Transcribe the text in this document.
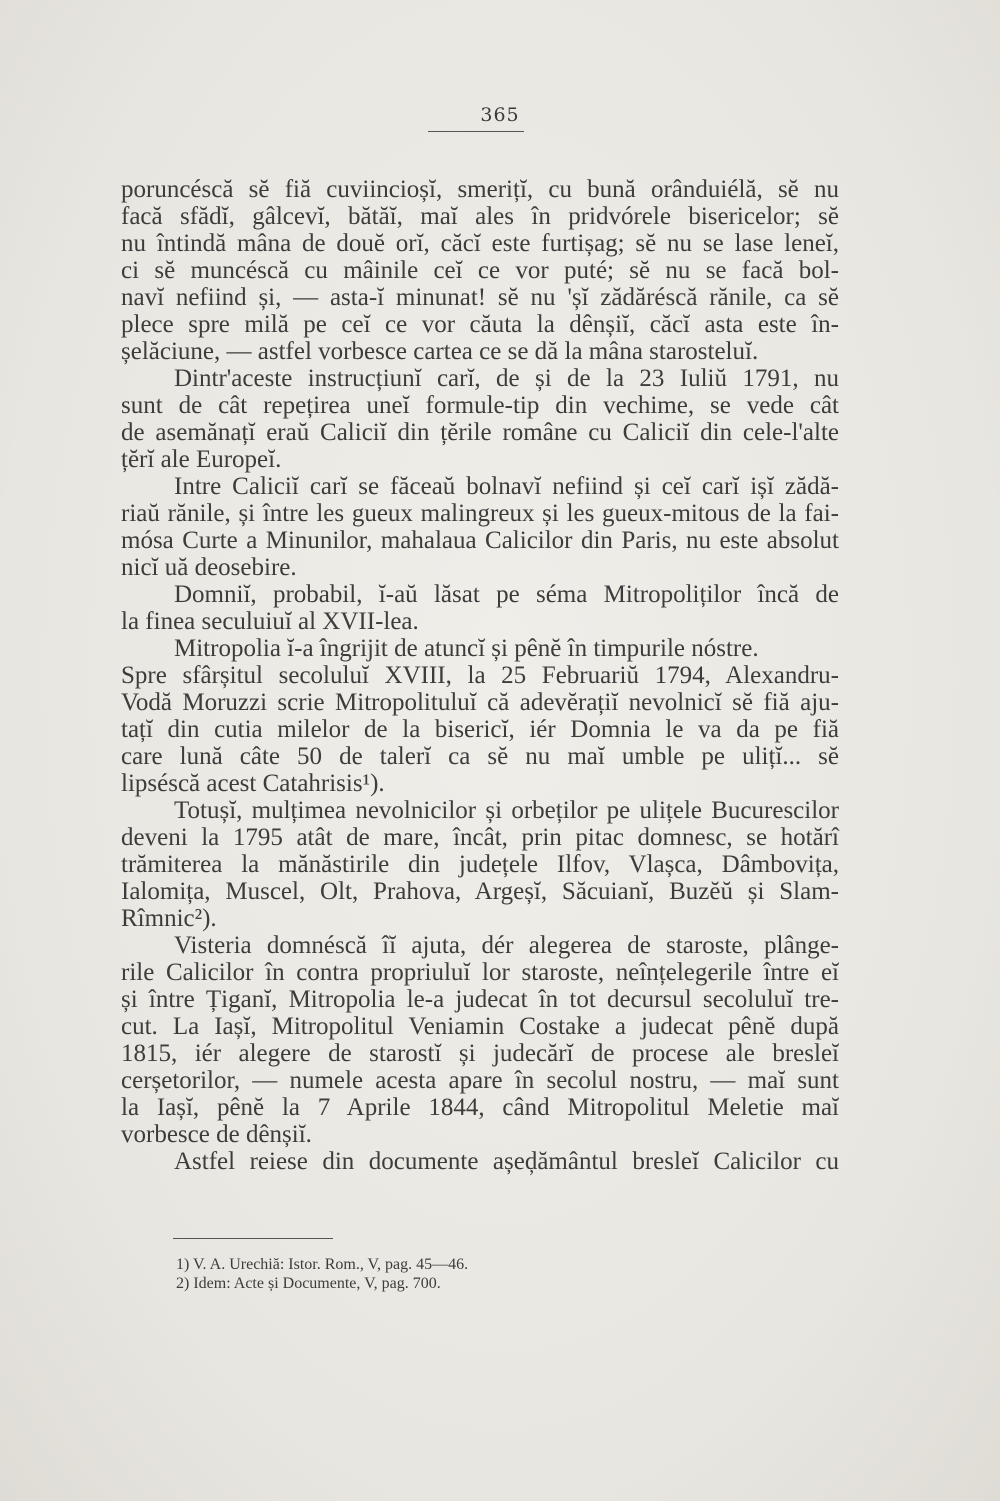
365
poruncéscă sĕ fiă cuviincioșĭ, smerițĭ, cu bună orânduiélă, sĕ nu
facă sfădĭ, gâlcevĭ, bătăĭ, maĭ ales în pridvórele bisericelor; sĕ
nu întindă mâna de douĕ orĭ, căcĭ este furtișag; sĕ nu se lase leneĭ,
ci sĕ muncéscă cu mâinile ceĭ ce vor puté; sĕ nu se facă bol-
navĭ nefiind și, — asta-ĭ minunat! sĕ nu 'șĭ zădăréscă rănile, ca sĕ
plece spre milă pe ceĭ ce vor căuta la dênșiĭ, căcĭ asta este în-
șelăciune, — astfel vorbesce cartea ce se dă la mâna starosteluĭ.
Dintr'aceste instrucțiunĭ carĭ, de și de la 23 Iuliŭ 1791, nu
sunt de cât repețirea uneĭ formule-tip din vechime, se vede cât
de asemănațĭ eraŭ Caliciĭ din țĕrile române cu Caliciĭ din cele-l'alte
țĕrĭ ale Europeĭ.
Intre Caliciĭ carĭ se făceaŭ bolnavĭ nefiind și ceĭ carĭ ișĭ zădă-
riaŭ rănile, și între les gueux malingreux și les gueux-mitous de la fai-
mósa Curte a Minunilor, mahalaua Calicilor din Paris, nu este absolut
nicĭ uă deosebire.
Domniĭ, probabil, ĭ-aŭ lăsat pe séma Mitropoliților încă de
la finea seculuiuĭ al XVII-lea.
Mitropolia ĭ-a îngrijit de atuncĭ și pênĕ în timpurile nóstre.
Spre sfârșitul secoluluĭ XVIII, la 25 Februariŭ 1794, Alexandru-
Vodă Moruzzi scrie Mitropolituluĭ că adevĕrațiĭ nevolnicĭ sĕ fiă aju-
tațĭ din cutia milelor de la bisericĭ, iér Domnia le va da pe fiă
care lună câte 50 de talerĭ ca sĕ nu maĭ umble pe ulițĭ... sĕ
lipséscă acest Catahrisis¹).
Totușĭ, mulțimea nevolnicilor și orbeților pe ulițele Bucurescilor
deveni la 1795 atât de mare, încât, prin pitac domnesc, se hotărî
trămiterea la mănăstirile din județele Ilfov, Vlașca, Dâmbovița,
Ialomița, Muscel, Olt, Prahova, Argeșĭ, Săcuianĭ, Buzĕŭ și Slam-
Rîmnic²).
Visteria domnéscă îĭ ajuta, dér alegerea de staroste, plânge-
rile Calicilor în contra propriuluĭ lor staroste, neînțelegerile între eĭ
și între Țiganĭ, Mitropolia le-a judecat în tot decursul secoluluĭ tre-
cut. La Iașĭ, Mitropolitul Veniamin Costake a judecat pênĕ după
1815, iér alegere de starostĭ și judecărĭ de procese ale bresleĭ
cerșetorilor, — numele acesta apare în secolul nostru, — maĭ sunt
la Iașĭ, pênĕ la 7 Aprile 1844, când Mitropolitul Meletie maĭ
vorbesce de dênșiĭ.
Astfel reiese din documente așeḑământul bresleĭ Calicilor cu
1) V. A. Urechiă: Istor. Rom., V, pag. 45—46.
2) Idem: Acte și Documente, V, pag. 700.
